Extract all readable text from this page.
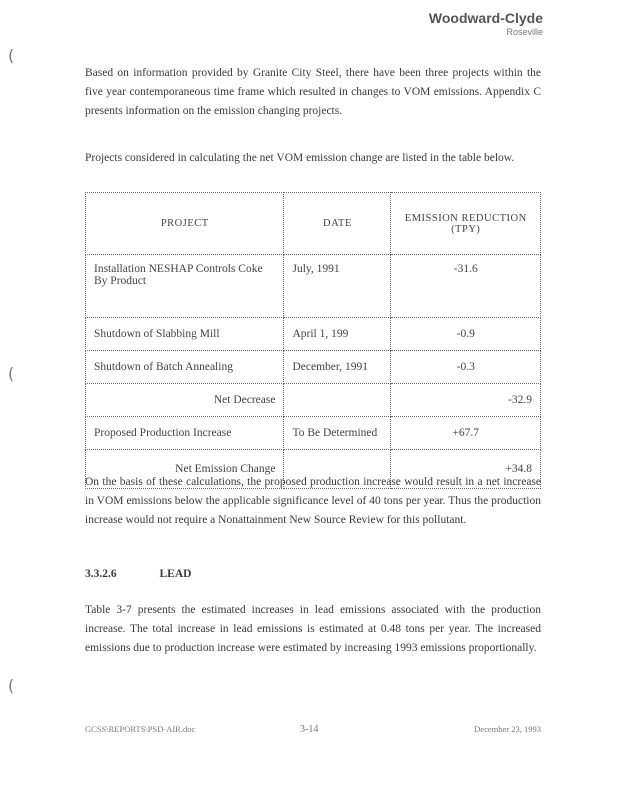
Woodward-Clyde
Roseville
(
(
(

Based on information provided by Granite City Steel, there have been three projects within the five year contemporaneous time frame which resulted in changes to VOM emissions. Appendix C presents information on the emission changing projects.

Projects considered in calculating the net VOM emission change are listed in the table below.

PROJECT	DATE	EMISSION REDUCTION (TPY)
Installation NESHAP Controls Coke By Product	July, 1991	-31.6
Shutdown of Slabbing Mill	April 1, 199	-0.9
Shutdown of Batch Annealing	December, 1991	-0.3
Net Decrease		-32.9
Proposed Production Increase	To Be Determined	+67.7
Net Emission Change		+34.8

On the basis of these calculations, the proposed production increase would result in a net increase in VOM emissions below the applicable significance level of 40 tons per year. Thus the production increase would not require a Nonattainment New Source Review for this pollutant.

3.3.2.6	LEAD

Table 3-7 presents the estimated increases in lead emissions associated with the production increase. The total increase in lead emissions is estimated at 0.48 tons per year. The increased emissions due to production increase were estimated by increasing 1993 emissions proportionally.

GCSS\REPORTS\PSD-AIR.doc	3-14	December 23, 1993
